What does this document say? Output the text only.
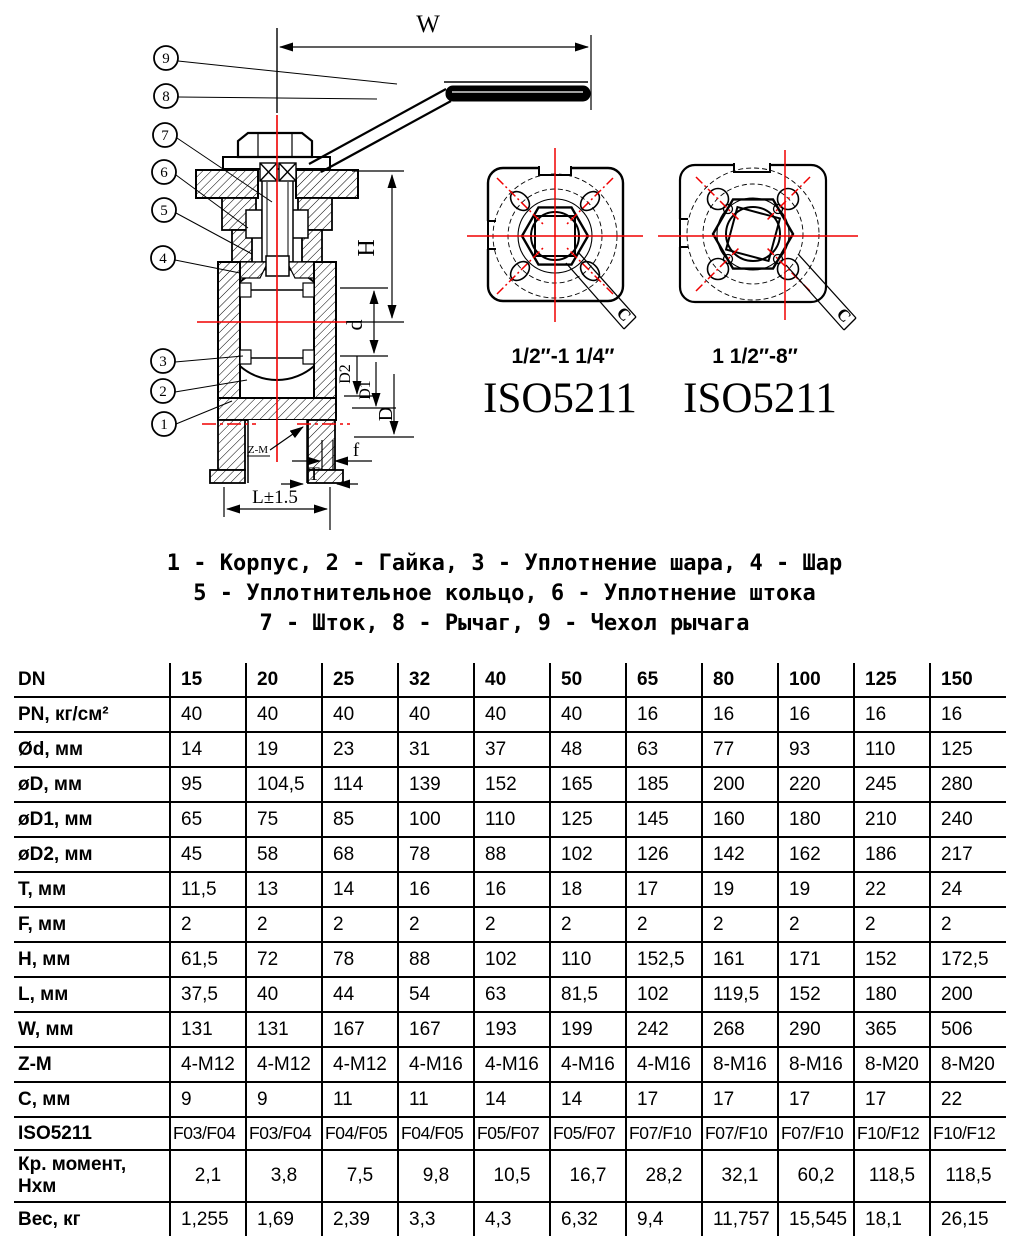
W
H
d
D2
D1
D
f
T
L±1.5
Z-M
9
8
7
6
5
4
3
2
1
C	C
1/2″-1 1/4″	1 1/2″-8″
ISO5211 ISO5211
1 - Корпус, 2 - Гайка, 3 - Уплотнение шара, 4 - Шар
5 - Уплотнительное кольцо, 6 - Уплотнение штока
7 - Шток, 8 - Рычаг, 9 - Чехол рычага
DN	15	20	25	32	40	50	65	80	100	125	150
PN, кг/см²	40	40	40	40	40	40	16	16	16	16	16
Ød, мм	14	19	23	31	37	48	63	77	93	110	125
øD, мм	95	104,5	114	139	152	165	185	200	220	245	280
øD1, мм	65	75	85	100	110	125	145	160	180	210	240
øD2, мм	45	58	68	78	88	102	126	142	162	186	217
T, мм	11,5	13	14	16	16	18	17	19	19	22	24
F, мм	2	2	2	2	2	2	2	2	2	2	2
H, мм	61,5	72	78	88	102	110	152,5	161	171	152	172,5
L, мм	37,5	40	44	54	63	81,5	102	119,5	152	180	200
W, мм	131	131	167	167	193	199	242	268	290	365	506
Z-M	4-M12	4-M12	4-M12	4-M16	4-M16	4-M16	4-M16	8-M16	8-M16	8-M20	8-M20
C, мм	9	9	11	11	14	14	17	17	17	17	22
ISO5211	F03/F04	F03/F04	F04/F05	F04/F05	F05/F07	F05/F07	F07/F10	F07/F10	F07/F10	F10/F12	F10/F12
Кр. момент, Нхм	2,1	3,8	7,5	9,8	10,5	16,7	28,2	32,1	60,2	118,5	118,5
Вес, кг	1,255	1,69	2,39	3,3	4,3	6,32	9,4	11,757	15,545	18,1	26,15
